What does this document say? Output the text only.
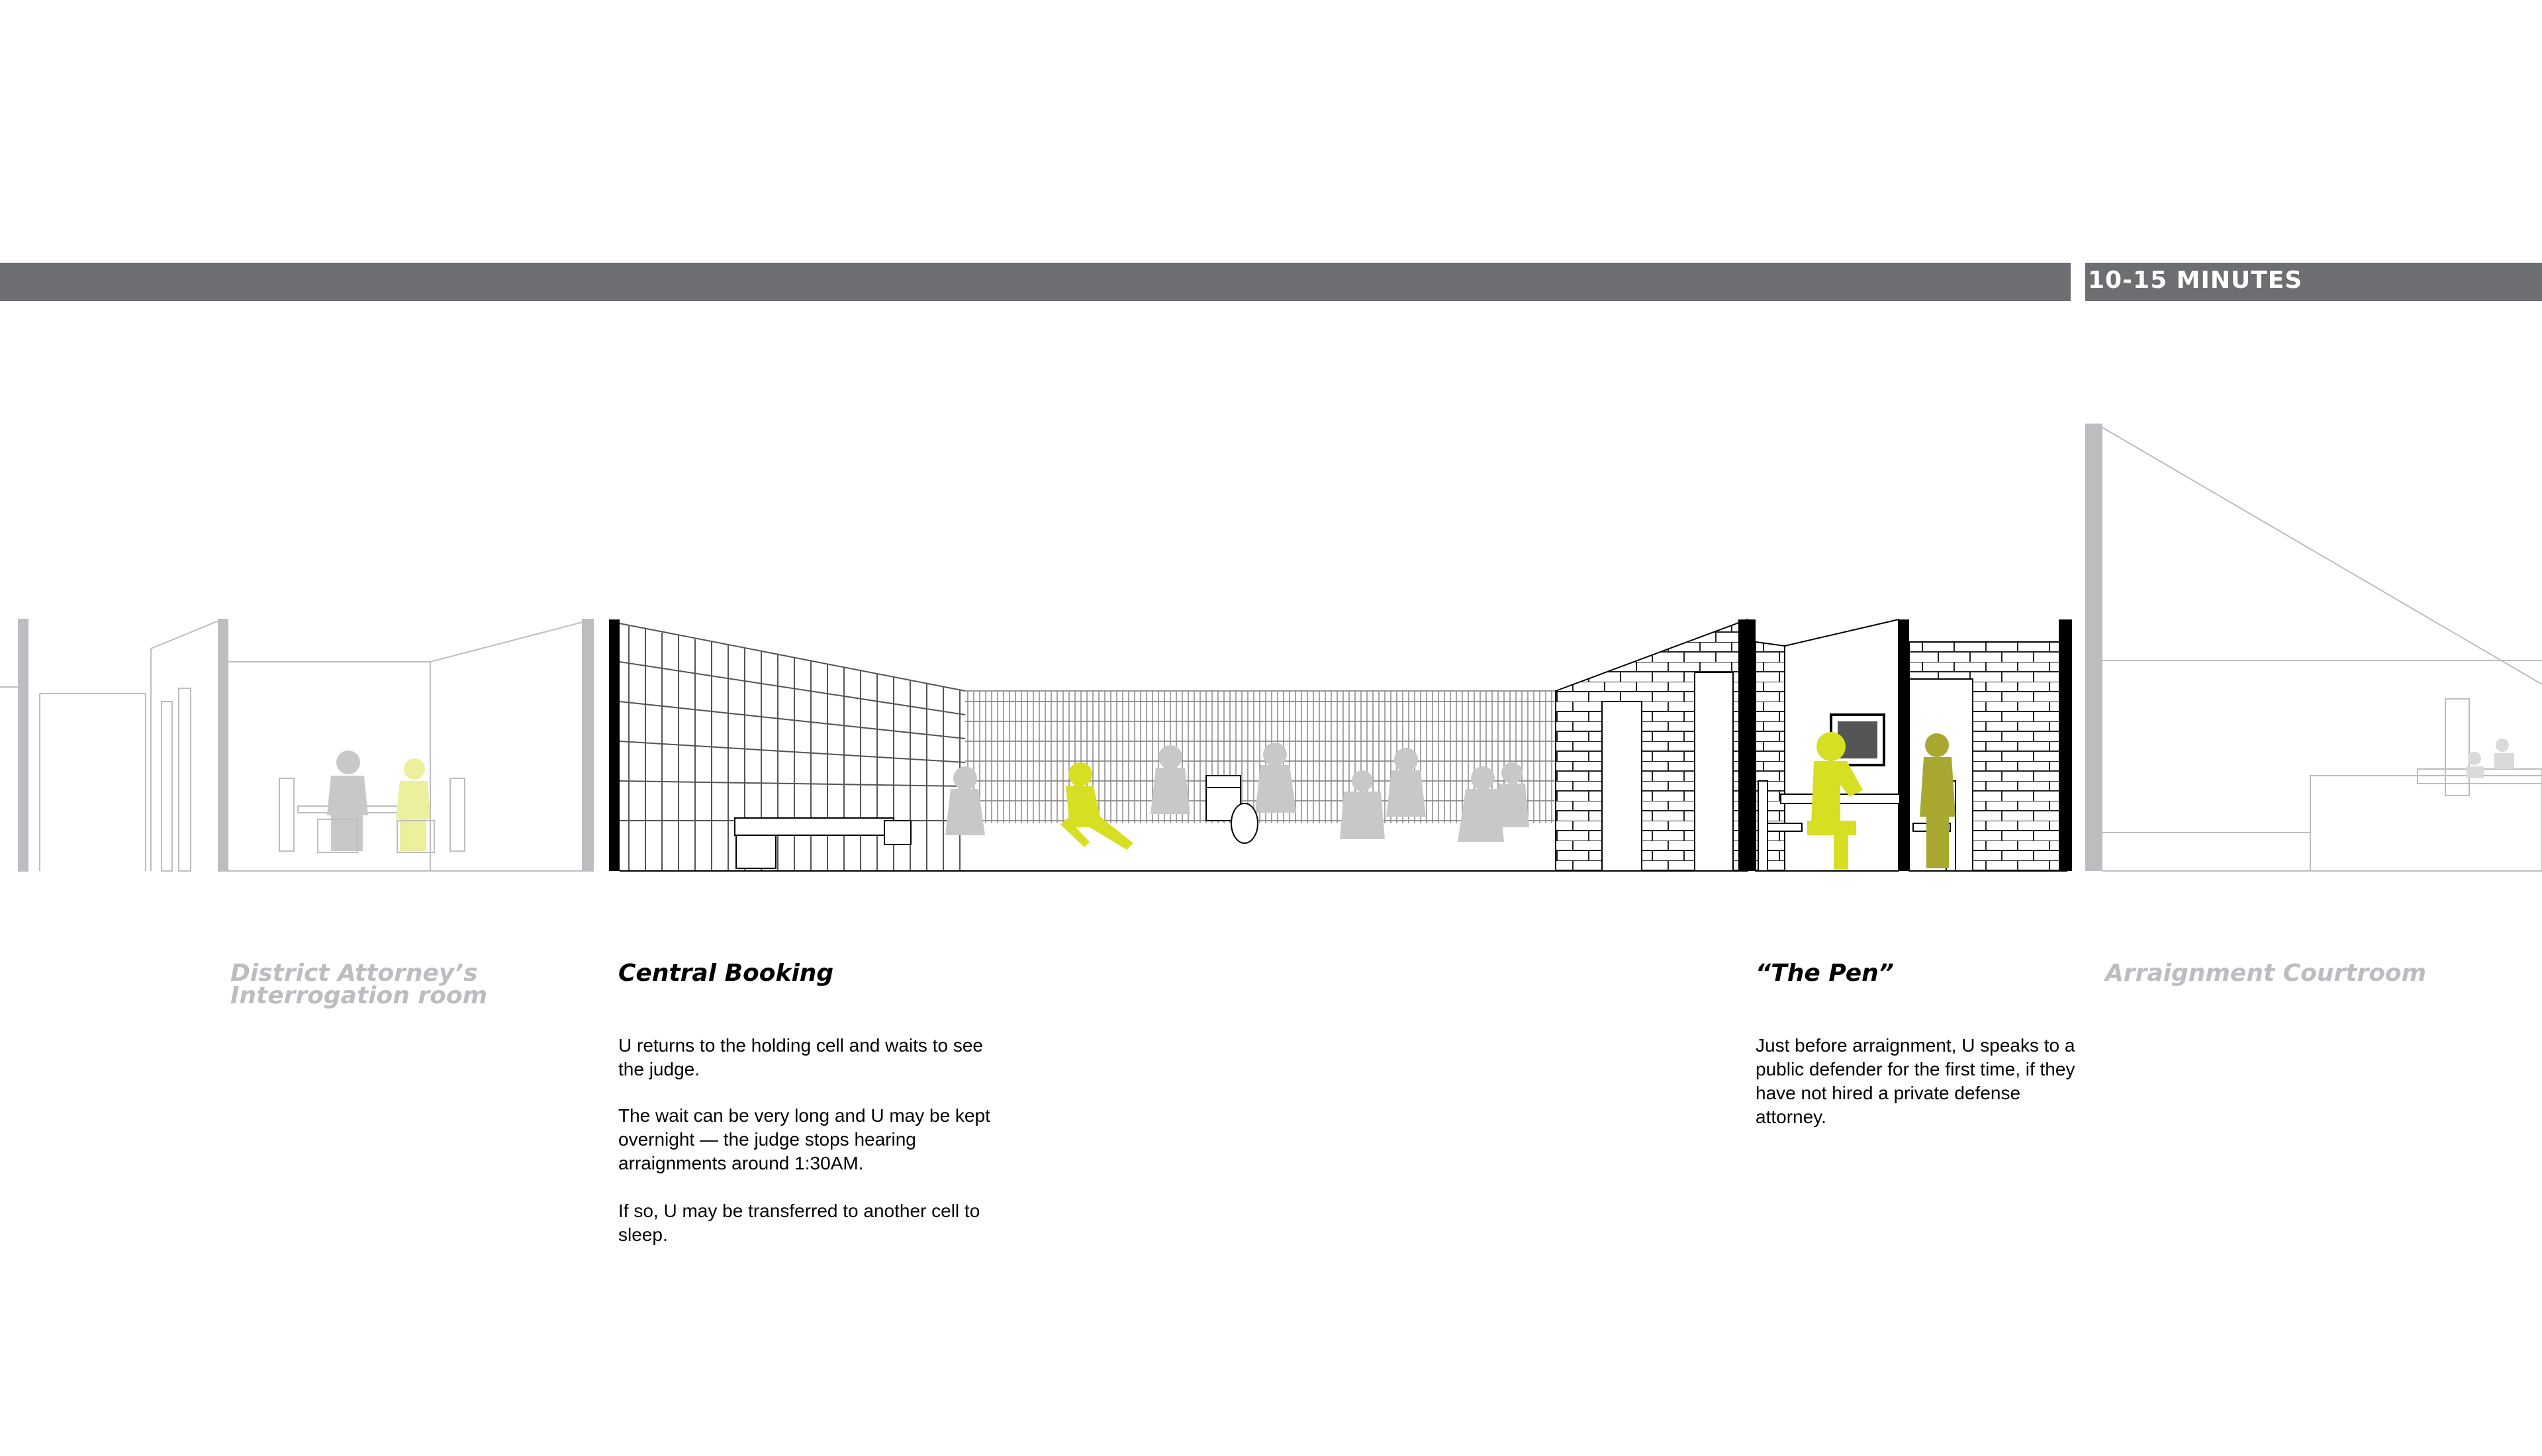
10-15 MINUTES
District Attorney’s
Interrogation room
Central Booking	“The Pen”	Arraignment Courtroom
U returns to the holding cell and waits to see the judge.
The wait can be very long and U may be kept overnight — the judge stops hearing arraignments around 1:30AM.
If so, U may be transferred to another cell to sleep.
Just before arraignment, U speaks to a public defender for the first time, if they have not hired a private defense attorney.
